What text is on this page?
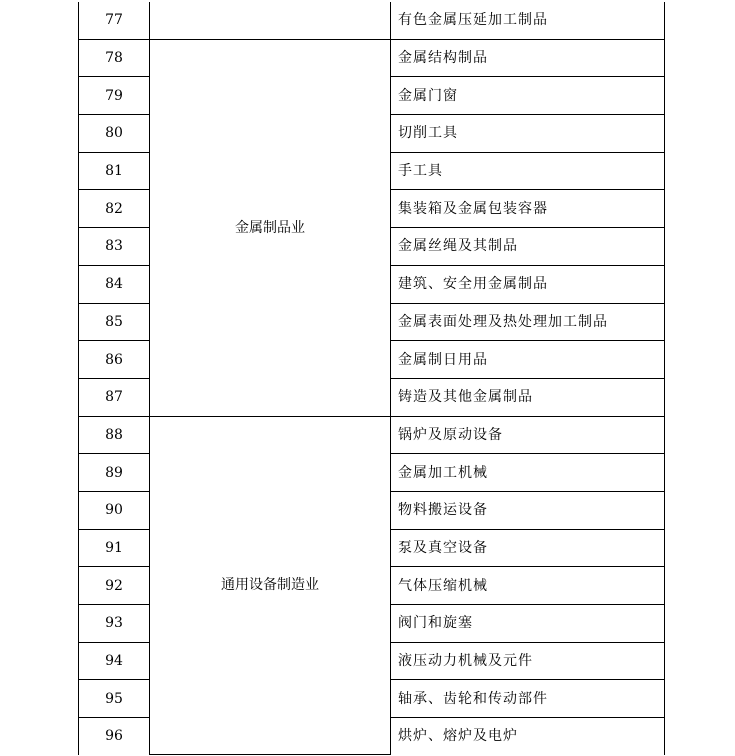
77		有色金属压延加工制品
78	金属制品业	金属结构制品
79		金属门窗
80		切削工具
81		手工具
82		集装箱及金属包装容器
83		金属丝绳及其制品
84		建筑、安全用金属制品
85		金属表面处理及热处理加工制品
86		金属制日用品
87		铸造及其他金属制品
88	通用设备制造业	锅炉及原动设备
89		金属加工机械
90		物料搬运设备
91		泵及真空设备
92		气体压缩机械
93		阀门和旋塞
94		液压动力机械及元件
95		轴承、齿轮和传动部件
96		烘炉、熔炉及电炉
